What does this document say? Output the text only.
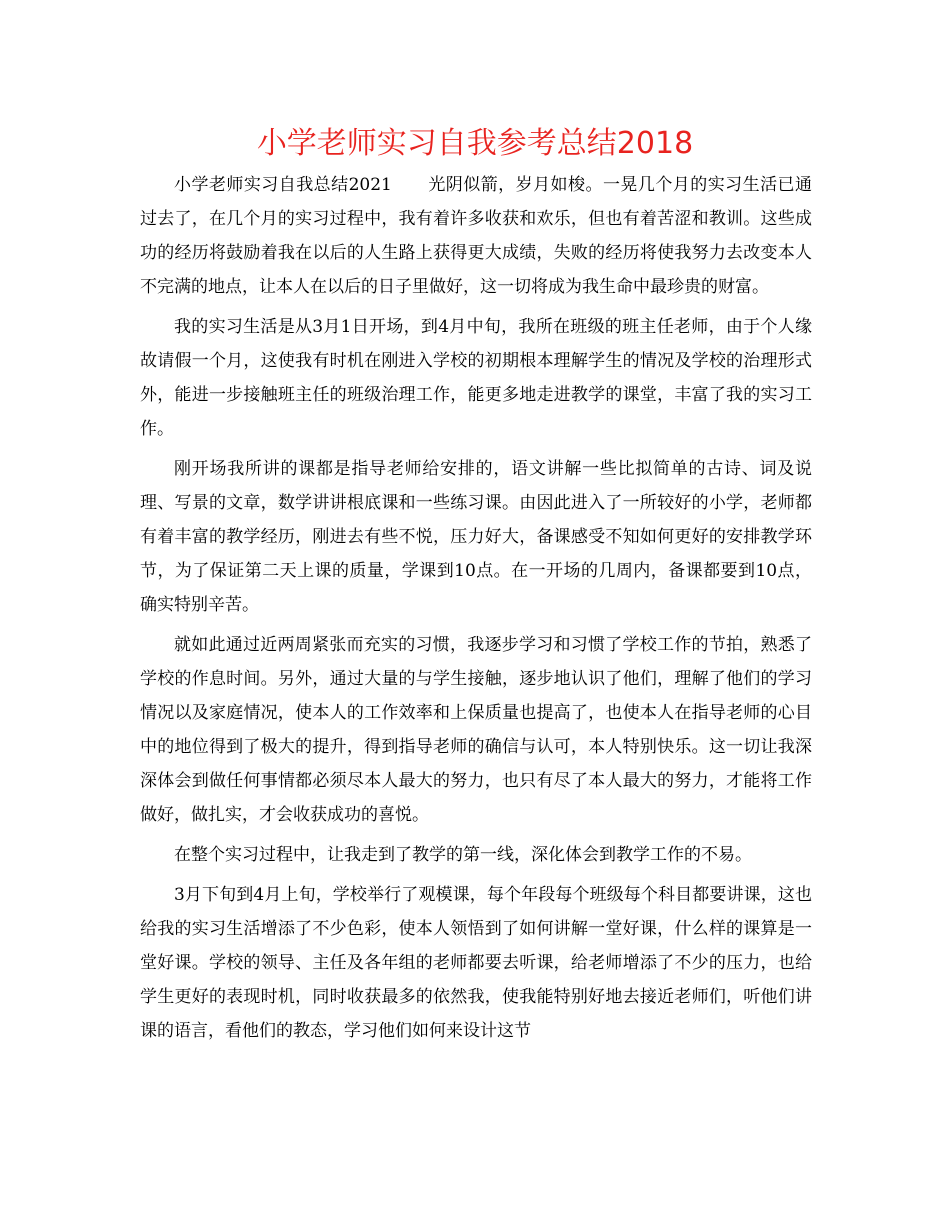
小学老师实习自我参考总结2018

小学老师实习自我总结2021 光阴似箭，岁月如梭。一晃几个月的实习生活已通过去了，在几个月的实习过程中，我有着许多收获和欢乐，但也有着苦涩和教训。这些成功的经历将鼓励着我在以后的人生路上获得更大成绩，失败的经历将使我努力去改变本人不完满的地点，让本人在以后的日子里做好，这一切将成为我生命中最珍贵的财富。

我的实习生活是从3月1日开场，到4月中旬，我所在班级的班主任老师，由于个人缘故请假一个月，这使我有时机在刚进入学校的初期根本理解学生的情况及学校的治理形式外，能进一步接触班主任的班级治理工作，能更多地走进教学的课堂，丰富了我的实习工作。

刚开场我所讲的课都是指导老师给安排的，语文讲解一些比拟简单的古诗、词及说理、写景的文章，数学讲讲根底课和一些练习课。由因此进入了一所较好的小学，老师都有着丰富的教学经历，刚进去有些不悦，压力好大，备课感受不知如何更好的安排教学环节，为了保证第二天上课的质量，学课到10点。在一开场的几周内，备课都要到10点，确实特别辛苦。

就如此通过近两周紧张而充实的习惯，我逐步学习和习惯了学校工作的节拍，熟悉了学校的作息时间。另外，通过大量的与学生接触，逐步地认识了他们，理解了他们的学习情况以及家庭情况，使本人的工作效率和上保质量也提高了，也使本人在指导老师的心目中的地位得到了极大的提升，得到指导老师的确信与认可，本人特别快乐。这一切让我深深体会到做任何事情都必须尽本人最大的努力，也只有尽了本人最大的努力，才能将工作做好，做扎实，才会收获成功的喜悦。

在整个实习过程中，让我走到了教学的第一线，深化体会到教学工作的不易。

3月下旬到4月上旬，学校举行了观模课，每个年段每个班级每个科目都要讲课，这也给我的实习生活增添了不少色彩，使本人领悟到了如何讲解一堂好课，什么样的课算是一堂好课。学校的领导、主任及各年组的老师都要去听课，给老师增添了不少的压力，也给学生更好的表现时机，同时收获最多的依然我，使我能特别好地去接近老师们，听他们讲课的语言，看他们的教态，学习他们如何来设计这节
